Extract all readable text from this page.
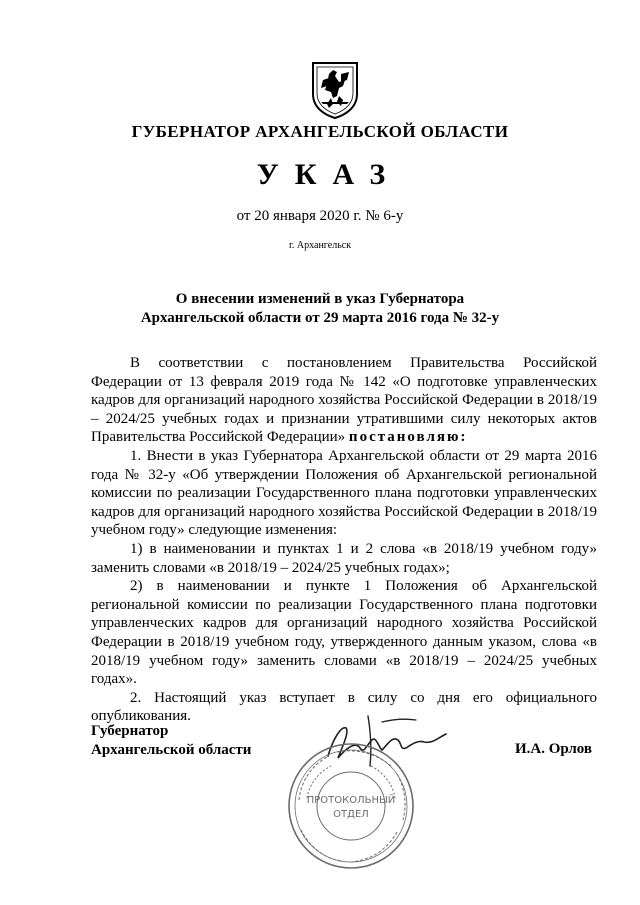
ГУБЕРНАТОР АРХАНГЕЛЬСКОЙ ОБЛАСТИ
УКАЗ
от 20 января 2020 г. № 6-у
г. Архангельск
О внесении изменений в указ Губернатора
Архангельской области от 29 марта 2016 года № 32-у

В соответствии с постановлением Правительства Российской Федерации от 13 февраля 2019 года № 142 «О подготовке управленческих кадров для организаций народного хозяйства Российской Федерации в 2018/19 – 2024/25 учебных годах и признании утратившими силу некоторых актов Правительства Российской Федерации» постановляю:

1. Внести в указ Губернатора Архангельской области от 29 марта 2016 года № 32-у «Об утверждении Положения об Архангельской региональной комиссии по реализации Государственного плана подготовки управленческих кадров для организаций народного хозяйства Российской Федерации в 2018/19 учебном году» следующие изменения:

1) в наименовании и пунктах 1 и 2 слова «в 2018/19 учебном году» заменить словами «в 2018/19 – 2024/25 учебных годах»;

2) в наименовании и пункте 1 Положения об Архангельской региональной комиссии по реализации Государственного плана подготовки управленческих кадров для организаций народного хозяйства Российской Федерации в 2018/19 учебном году, утвержденного данным указом, слова «в 2018/19 учебном году» заменить словами «в 2018/19 – 2024/25 учебных годах».

2. Настоящий указ вступает в силу со дня его официального опубликования.

Губернатор
Архангельской области	И.А. Орлов
ПРОТОКОЛЬНЫЙ
ОТДЕЛ
